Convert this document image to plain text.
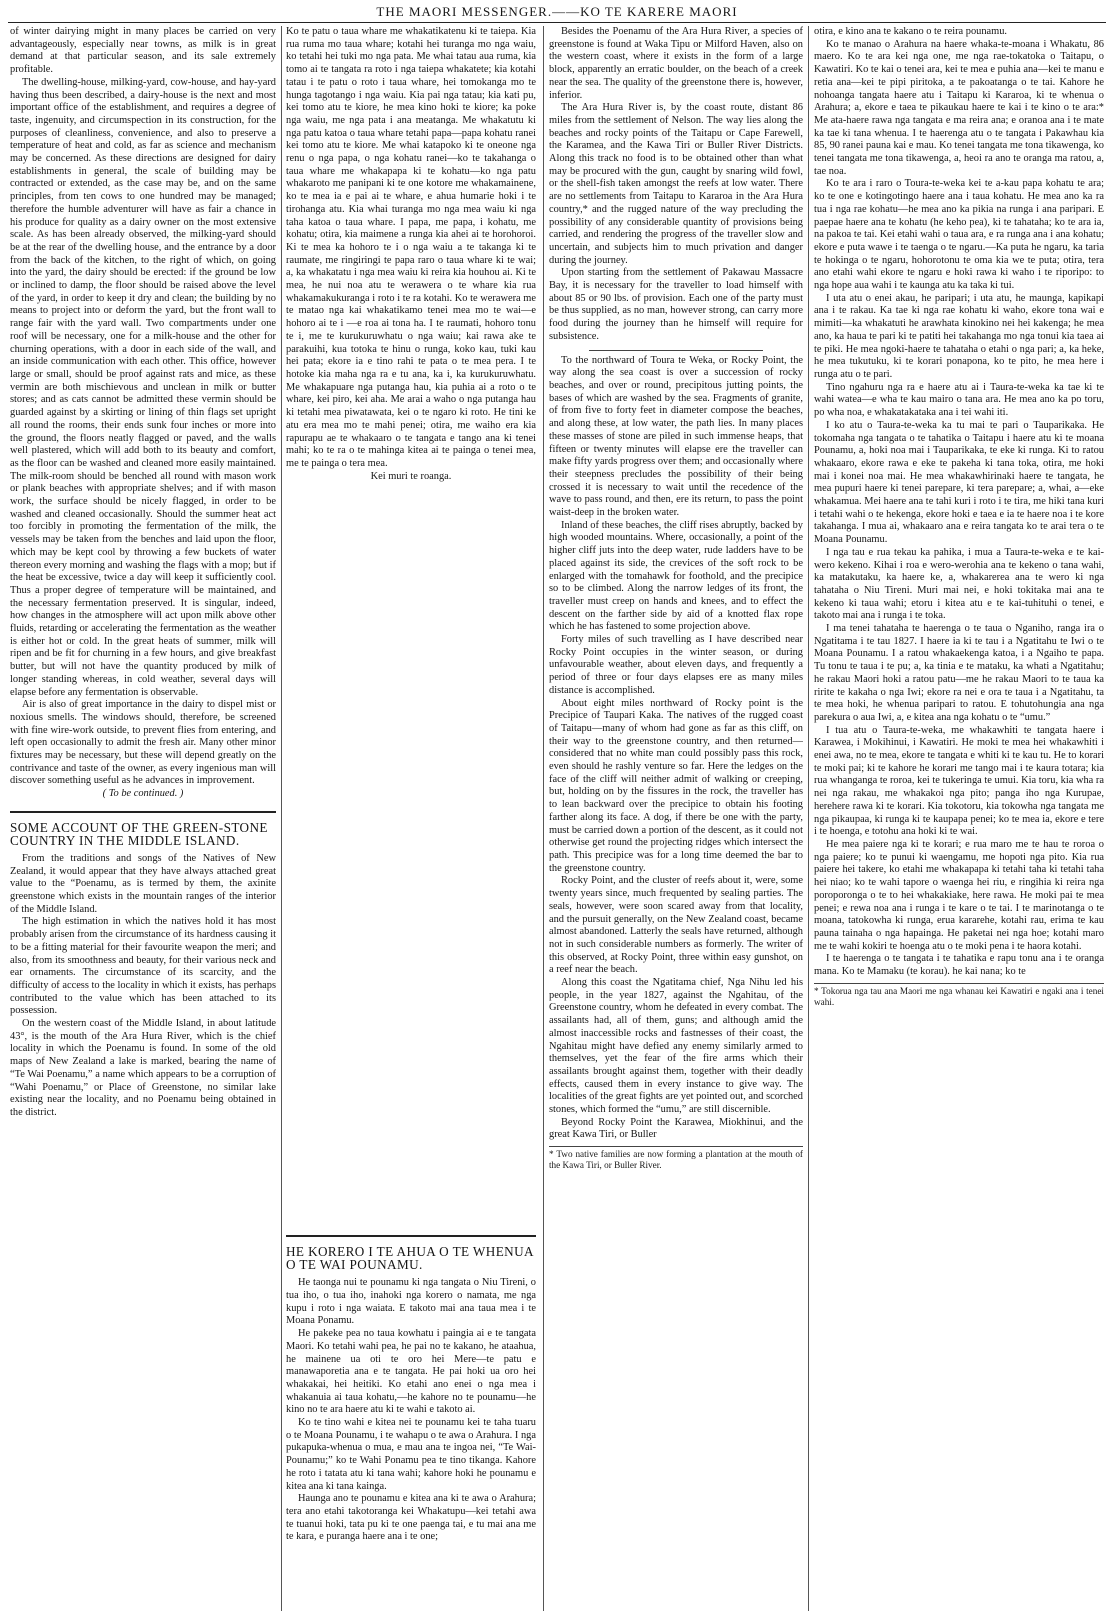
THE MAORI MESSENGER.——KO TE KARERE MAORI

of winter dairying might in many places be carried on very advantageously, especially near towns, as milk is in great demand at that particular season, and its sale extremely profitable.

The dwelling-house, milking-yard, cow-house, and hay-yard having thus been described, a dairy-house is the next and most important office of the establishment, and requires a degree of taste, ingenuity, and circumspection in its construction, for the purposes of cleanliness, convenience, and also to preserve a temperature of heat and cold, as far as science and mechanism may be concerned. As these directions are designed for dairy establishments in general, the scale of building may be contracted or extended, as the case may be, and on the same principles, from ten cows to one hundred may be managed; therefore the humble adventurer will have as fair a chance in his produce for quality as a dairy owner on the most extensive scale. As has been already observed, the milking-yard should be at the rear of the dwelling house, and the entrance by a door from the back of the kitchen, to the right of which, on going into the yard, the dairy should be erected: if the ground be low or inclined to damp, the floor should be raised above the level of the yard, in order to keep it dry and clean; the building by no means to project into or deform the yard, but the front wall to range fair with the yard wall. Two compartments under one roof will be necessary, one for a milk-house and the other for churning operations, with a door in each side of the wall, and an inside communication with each other. This office, however large or small, should be proof against rats and mice, as these vermin are both mischievous and unclean in milk or butter stores; and as cats cannot be admitted these vermin should be guarded against by a skirting or lining of thin flags set upright all round the rooms, their ends sunk four inches or more into the ground, the floors neatly flagged or paved, and the walls well plastered, which will add both to its beauty and comfort, as the floor can be washed and cleaned more easily maintained. The milk-room should be benched all round with mason work or plank beaches with appropriate shelves; and if with mason work, the surface should be nicely flagged, in order to be washed and cleaned occasionally. Should the summer heat act too forcibly in promoting the fermentation of the milk, the vessels may be taken from the benches and laid upon the floor, which may be kept cool by throwing a few buckets of water thereon every morning and washing the flags with a mop; but if the heat be excessive, twice a day will keep it sufficiently cool. Thus a proper degree of temperature will be maintained, and the necessary fermentation preserved. It is singular, indeed, how changes in the atmosphere will act upon milk above other fluids, retarding or accelerating the fermentation as the weather is either hot or cold. In the great heats of summer, milk will ripen and be fit for churning in a few hours, and give breakfast butter, but will not have the quantity produced by milk of longer standing whereas, in cold weather, several days will elapse before any fermentation is observable.

Air is also of great importance in the dairy to dispel mist or noxious smells. The windows should, therefore, be screened with fine wire-work outside, to prevent flies from entering, and left open occasionally to admit the fresh air. Many other minor fixtures may be necessary, but these will depend greatly on the contrivance and taste of the owner, as every ingenious man will discover something useful as he advances in improvement.

( To be continued. )

SOME ACCOUNT OF THE GREEN-STONE COUNTRY IN THE MIDDLE ISLAND.

From the traditions and songs of the Natives of New Zealand, it would appear that they have always attached great value to the “Poenamu, as is termed by them, the axinite greenstone which exists in the mountain ranges of the interior of the Middle Island.

The high estimation in which the natives hold it has most probably arisen from the circumstance of its hardness causing it to be a fitting material for their favourite weapon the meri; and also, from its smoothness and beauty, for their various neck and ear ornaments. The circumstance of its scarcity, and the difficulty of access to the locality in which it exists, has perhaps contributed to the value which has been attached to its possession.

On the western coast of the Middle Island, in about latitude 43°, is the mouth of the Ara Hura River, which is the chief locality in which the Poenamu is found. In some of the old maps of New Zealand a lake is marked, bearing the name of “Te Wai Poenamu,” a name which appears to be a corruption of “Wahi Poenamu,” or Place of Greenstone, no similar lake existing near the locality, and no Poenamu being obtained in the district.

Ko te patu o taua whare me whakatikatenu ki te taiepa. Kia rua ruma mo taua whare; kotahi hei turanga mo nga waiu, ko tetahi hei tuki mo nga pata. Me whai tatau aua ruma, kia tomo ai te tangata ra roto i nga taiepa whakatete; kia kotahi tatau i te patu o roto i taua whare, hei tomokanga mo te hunga tagotango i nga waiu. Kia pai nga tatau; kia kati pu, kei tomo atu te kiore, he mea kino hoki te kiore; ka poke nga waiu, me nga pata i ana meatanga. Me whakatutu ki nga patu katoa o taua whare tetahi papa—papa kohatu ranei kei tomo atu te kiore. Me whai katapoko ki te oneone nga renu o nga papa, o nga kohatu ranei—ko te takahanga o taua whare me whakapapa ki te kohatu—ko nga patu whakaroto me panipani ki te one kotore me whakamainene, ko te mea ia e pai ai te whare, e ahua humarie hoki i te tirohanga atu. Kia whai turanga mo nga mea waiu ki nga taha katoa o taua whare. I papa, me papa, i kohatu, me kohatu; otira, kia maimene a runga kia ahei ai te horohoroi. Ki te mea ka hohoro te i o nga waiu a te takanga ki te raumate, me ringiringi te papa raro o taua whare ki te wai; a, ka whakatatu i nga mea waiu ki reira kia houhou ai. Ki te mea, he nui noa atu te werawera o te whare kia rua whakamakukuranga i roto i te ra kotahi. Ko te werawera me te matao nga kai whakatikamo tenei mea mo te wai—e hohoro ai te i —e roa ai tona ha. I te raumati, hohoro tonu te i, me te kurukuruwhatu o nga waiu; kai rawa ake te parakuihi, kua totoka te hinu o runga, koko kau, tuki kau hei pata; ekore ia e tino rahi te pata o te mea pera. I te hotoke kia maha nga ra e tu ana, ka i, ka kurukuruwhatu. Me whakapuare nga putanga hau, kia puhia ai a roto o te whare, kei piro, kei aha. Me arai a waho o nga putanga hau ki tetahi mea piwatawata, kei o te ngaro ki roto. He tini ke atu era mea mo te mahi penei; otira, me waiho era kia rapurapu ae te whakaaro o te tangata e tango ana ki tenei mahi; ko te ra o te mahinga kitea ai te painga o tenei mea, me te painga o tera mea.

Kei muri te roanga.

HE KORERO I TE AHUA O TE WHENUA O TE WAI POUNAMU.

He taonga nui te pounamu ki nga tangata o Niu Tireni, o tua iho, o tua iho, inahoki nga korero o namata, me nga kupu i roto i nga waiata. E takoto mai ana taua mea i te Moana Ponamu.

He pakeke pea no taua kowhatu i paingia ai e te tangata Maori. Ko tetahi wahi pea, he pai no te kakano, he ataahua, he mainene ua oti te oro hei Mere—te patu e manawaporetia ana e te tangata. He pai hoki ua oro hei whakakai, hei heitiki. Ko etahi ano enei o nga mea i whakanuia ai taua kohatu,—he kahore no te pounamu—he kino no te ara haere atu ki te wahi e takoto ai.

Ko te tino wahi e kitea nei te pounamu kei te taha tuaru o te Moana Pounamu, i te wahapu o te awa o Arahura. I nga pukapuka-whenua o mua, e mau ana te ingoa nei, “Te Wai-Pounamu;” ko te Wahi Ponamu pea te tino tikanga. Kahore he roto i tatata atu ki tana wahi; kahore hoki he pounamu e kitea ana ki tana kainga.

Haunga ano te pounamu e kitea ana ki te awa o Arahura; tera ano etahi takotoranga kei Whakatupu—kei tetahi awa te tuanui hoki, tata pu ki te one paenga tai, e tu mai ana me te kara, e puranga haere ana i te one;

Besides the Poenamu of the Ara Hura River, a species of greenstone is found at Waka Tipu or Milford Haven, also on the western coast, where it exists in the form of a large block, apparently an erratic boulder, on the beach of a creek near the sea. The quality of the greenstone there is, however, inferior.

The Ara Hura River is, by the coast route, distant 86 miles from the settlement of Nelson. The way lies along the beaches and rocky points of the Taitapu or Cape Farewell, the Karamea, and the Kawa Tiri or Buller River Districts. Along this track no food is to be obtained other than what may be procured with the gun, caught by snaring wild fowl, or the shell-fish taken amongst the reefs at low water. There are no settlements from Taitapu to Kararoa in the Ara Hura country,* and the rugged nature of the way precluding the possibility of any considerable quantity of provisions being carried, and rendering the progress of the traveller slow and uncertain, and subjects him to much privation and danger during the journey.

Upon starting from the settlement of Pakawau Massacre Bay, it is necessary for the traveller to load himself with about 85 or 90 lbs. of provision. Each one of the party must be thus supplied, as no man, however strong, can carry more food during the journey than he himself will require for subsistence.

To the northward of Toura te Weka, or Rocky Point, the way along the sea coast is over a succession of rocky beaches, and over or round, precipitous jutting points, the bases of which are washed by the sea. Fragments of granite, of from five to forty feet in diameter compose the beaches, and along these, at low water, the path lies. In many places these masses of stone are piled in such immense heaps, that fifteen or twenty minutes will elapse ere the traveller can make fifty yards progress over them; and occasionally where their steepness precludes the possibility of their being crossed it is necessary to wait until the recedence of the wave to pass round, and then, ere its return, to pass the point waist-deep in the broken water.

Inland of these beaches, the cliff rises abruptly, backed by high wooded mountains. Where, occasionally, a point of the higher cliff juts into the deep water, rude ladders have to be placed against its side, the crevices of the soft rock to be enlarged with the tomahawk for foothold, and the precipice so to be climbed. Along the narrow ledges of its front, the traveller must creep on hands and knees, and to effect the descent on the farther side by aid of a knotted flax rope which he has fastened to some projection above.

Forty miles of such travelling as I have described near Rocky Point occupies in the winter season, or during unfavourable weather, about eleven days, and frequently a period of three or four days elapses ere as many miles distance is accomplished.

About eight miles northward of Rocky point is the Precipice of Taupari Kaka. The natives of the rugged coast of Taitapu—many of whom had gone as far as this cliff, on their way to the greenstone country, and then returned—considered that no white man could possibly pass this rock, even should he rashly venture so far. Here the ledges on the face of the cliff will neither admit of walking or creeping, but, holding on by the fissures in the rock, the traveller has to lean backward over the precipice to obtain his footing farther along its face. A dog, if there be one with the party, must be carried down a portion of the descent, as it could not otherwise get round the projecting ridges which intersect the path. This precipice was for a long time deemed the bar to the greenstone country.

Rocky Point, and the cluster of reefs about it, were, some twenty years since, much frequented by sealing parties. The seals, however, were soon scared away from that locality, and the pursuit generally, on the New Zealand coast, became almost abandoned. Latterly the seals have returned, although not in such considerable numbers as formerly. The writer of this observed, at Rocky Point, three within easy gunshot, on a reef near the beach.

Along this coast the Ngatitama chief, Nga Nihu led his people, in the year 1827, against the Ngahitau, of the Greenstone country, whom he defeated in every combat. The assailants had, all of them, guns; and although amid the almost inaccessible rocks and fastnesses of their coast, the Ngahitau might have defied any enemy similarly armed to themselves, yet the fear of the fire arms which their assailants brought against them, together with their deadly effects, caused them in every instance to give way. The localities of the great fights are yet pointed out, and scorched stones, which formed the “umu,” are still discernible.

Beyond Rocky Point the Karawea, Miokhinui, and the great Kawa Tiri, or Buller

* Two native families are now forming a plantation at the mouth of the Kawa Tiri, or Buller River.

otira, e kino ana te kakano o te reira pounamu.

Ko te manao o Arahura na haere whaka-te-moana i Whakatu, 86 maero. Ko te ara kei nga one, me nga rae-tokatoka o Taitapu, o Kawatiri. Ko te kai o tenei ara, kei te mea e puhia ana—kei te manu e retia ana—kei te pipi piritoka, a te pakoatanga o te tai. Kahore he nohoanga tangata haere atu i Taitapu ki Kararoa, ki te whenua o Arahura; a, ekore e taea te pikaukau haere te kai i te kino o te ara:* Me ata-haere rawa nga tangata e ma reira ana; e oranoa ana i te mate ka tae ki tana whenua. I te haerenga atu o te tangata i Pakawhau kia 85, 90 ranei pauna kai e mau. Ko tenei tangata me tona tikawenga, ko tenei tangata me tona tikawenga, a, heoi ra ano te oranga ma ratou, a, tae noa.

Ko te ara i raro o Toura-te-weka kei te a-kau papa kohatu te ara; ko te one e kotingotingo haere ana i taua kohatu. He mea ano ka ra tua i nga rae kohatu—he mea ano ka pikia na runga i ana paripari. E paepae haere ana te kohatu (he keho pea), ki te tahataha; ko te ara ia, na pakoa te tai. Kei etahi wahi o taua ara, e ra runga ana i ana kohatu; ekore e puta wawe i te taenga o te ngaru.—Ka puta he ngaru, ka taria te hokinga o te ngaru, hohorotonu te oma kia we te puta; otira, tera ano etahi wahi ekore te ngaru e hoki rawa ki waho i te riporipo: to nga hope aua wahi i te kaunga atu ka taka ki tui.

I uta atu o enei akau, he paripari; i uta atu, he maunga, kapikapi ana i te rakau. Ka tae ki nga rae kohatu ki waho, ekore tona wai e mimiti—ka whakatuti he arawhata kinokino nei hei kakenga; he mea ano, ka haua te pari ki te patiti hei takahanga mo nga tonui kia taea ai te piki. He mea ngoki-haere te tahataha o etahi o nga pari; a, ka heke, he mea tukutuku, ki te korari ponapona, ko te pito, he mea here i runga atu o te pari.

Tino ngahuru nga ra e haere atu ai i Taura-te-weka ka tae ki te wahi watea—e wha te kau mairo o tana ara. He mea ano ka po toru, po wha noa, e whakatakataka ana i tei wahi iti.

I ko atu o Taura-te-weka ka tu mai te pari o Tauparikaka. He tokomaha nga tangata o te tahatika o Taitapu i haere atu ki te moana Pounamu, a, hoki noa mai i Tauparikaka, te eke ki runga. Ki to ratou whakaaro, ekore rawa e eke te pakeha ki tana toka, otira, me hoki mai i konei noa mai. He mea whakawhirinaki haere te tangata, he mea pupuri haere ki tenei parepare, ki tera parepare; a, whai, a—eke whakamua. Mei haere ana te tahi kuri i roto i te tira, me hiki tana kuri i tetahi wahi o te hekenga, ekore hoki e taea e ia te haere noa i te kore takahanga. I mua ai, whakaaro ana e reira tangata ko te arai tera o te Moana Pounamu.

I nga tau e rua tekau ka pahika, i mua a Taura-te-weka e te kai-wero kekeno. Kihai i roa e wero-werohia ana te kekeno o tana wahi, ka matakutaku, ka haere ke, a, whakarerea ana te wero ki nga tahataha o Niu Tireni. Muri mai nei, e hoki tokitaka mai ana te kekeno ki taua wahi; etoru i kitea atu e te kai-tuhituhi o tenei, e takoto mai ana i runga i te toka.

I ma tenei tahataha te haerenga o te taua o Nganiho, ranga ira o Ngatitama i te tau 1827. I haere ia ki te tau i a Ngatitahu te Iwi o te Moana Pounamu. I a ratou whakaekenga katoa, i a Ngaiho te papa. Tu tonu te taua i te pu; a, ka tinia e te mataku, ka whati a Ngatitahu; he rakau Maori hoki a ratou patu—me he rakau Maori to te taua ka ririte te kakaha o nga Iwi; ekore ra nei e ora te taua i a Ngatitahu, ta te mea hoki, he whenua paripari to ratou. E tohutohungia ana nga parekura o aua Iwi, a, e kitea ana nga kohatu o te “umu.”

I tua atu o Taura-te-weka, me whakawhiti te tangata haere i Karawea, i Mokihinui, i Kawatiri. He moki te mea hei whakawhiti i enei awa, no te mea, ekore te tangata e whiti ki te kau tu. He to korari te moki pai; ki te kahore he korari me tango mai i te kaura totara; kia rua whanganga te roroa, kei te tukeringa te umui. Kia toru, kia wha ra nei nga rakau, me whakakoi nga pito; panga iho nga Kurupae, herehere rawa ki te korari. Kia tokotoru, kia tokowha nga tangata me nga pikaupaa, ki runga ki te kaupapa penei; ko te mea ia, ekore e tere i te hoenga, e totohu ana hoki ki te wai.

He mea paiere nga ki te korari; e rua maro me te hau te roroa o nga paiere; ko te punui ki waengamu, me hopoti nga pito. Kia rua paiere hei takere, ko etahi me whakapapa ki tetahi taha ki tetahi taha hei niao; ko te wahi tapore o waenga hei riu, e ringihia ki reira nga poroporonga o te to hei whakakiake, here rawa. He moki pai te mea penei; e rewa noa ana i runga i te kare o te tai. I te marinotanga o te moana, tatokowha ki runga, erua kararehe, kotahi rau, erima te kau pauna tainaha o nga hapainga. He paketai nei nga hoe; kotahi maro me te wahi kokiri te hoenga atu o te moki pena i te haora kotahi.

I te haerenga o te tangata i te tahatika e rapu tonu ana i te oranga mana. Ko te Mamaku (te korau). he kai nana; ko te

* Tokorua nga tau ana Maori me nga whanau kei Kawatiri e ngaki ana i tenei wahi.
